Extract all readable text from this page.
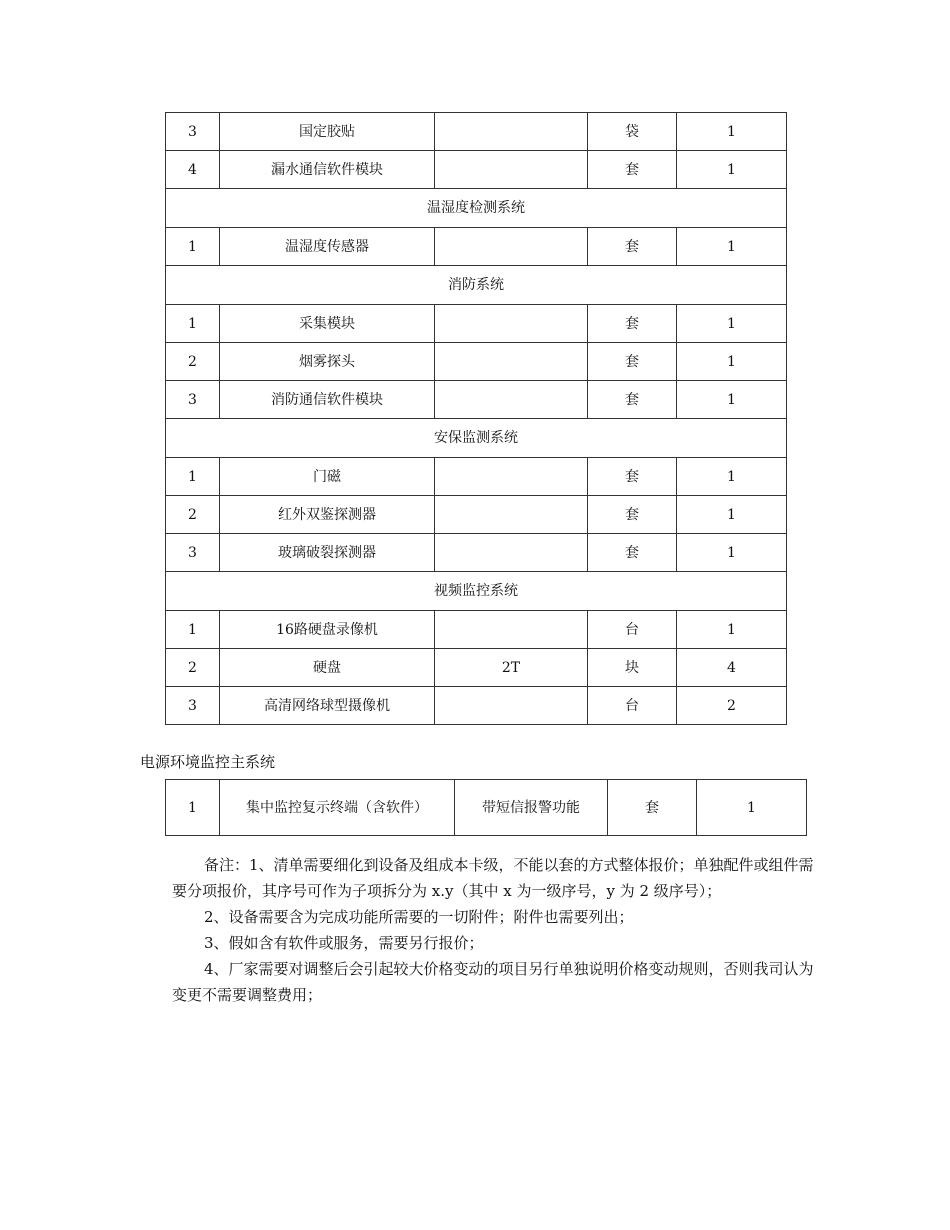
3	国定胶贴		袋	1
4	漏水通信软件模块		套	1
温湿度检测系统				
1	温湿度传感器		套	1
消防系统				
1	采集模块		套	1
2	烟雾探头		套	1
3	消防通信软件模块		套	1
安保监测系统				
1	门磁		套	1
2	红外双鉴探测器		套	1
3	玻璃破裂探测器		套	1
视频监控系统				
1	16路硬盘录像机		台	1
2	硬盘	2T	块	4
3	高清网络球型摄像机		台	2
电源环境监控主系统
1	集中监控复示终端（含软件）	带短信报警功能	套	1

备注：1、清单需要细化到设备及组成本卡级，不能以套的方式整体报价；单独配件或组件需要分项报价，其序号可作为子项拆分为 x.y（其中 x 为一级序号，y 为 2 级序号）；

2、设备需要含为完成功能所需要的一切附件；附件也需要列出；

3、假如含有软件或服务，需要另行报价；

4、厂家需要对调整后会引起较大价格变动的项目另行单独说明价格变动规则，否则我司认为变更不需要调整费用；
